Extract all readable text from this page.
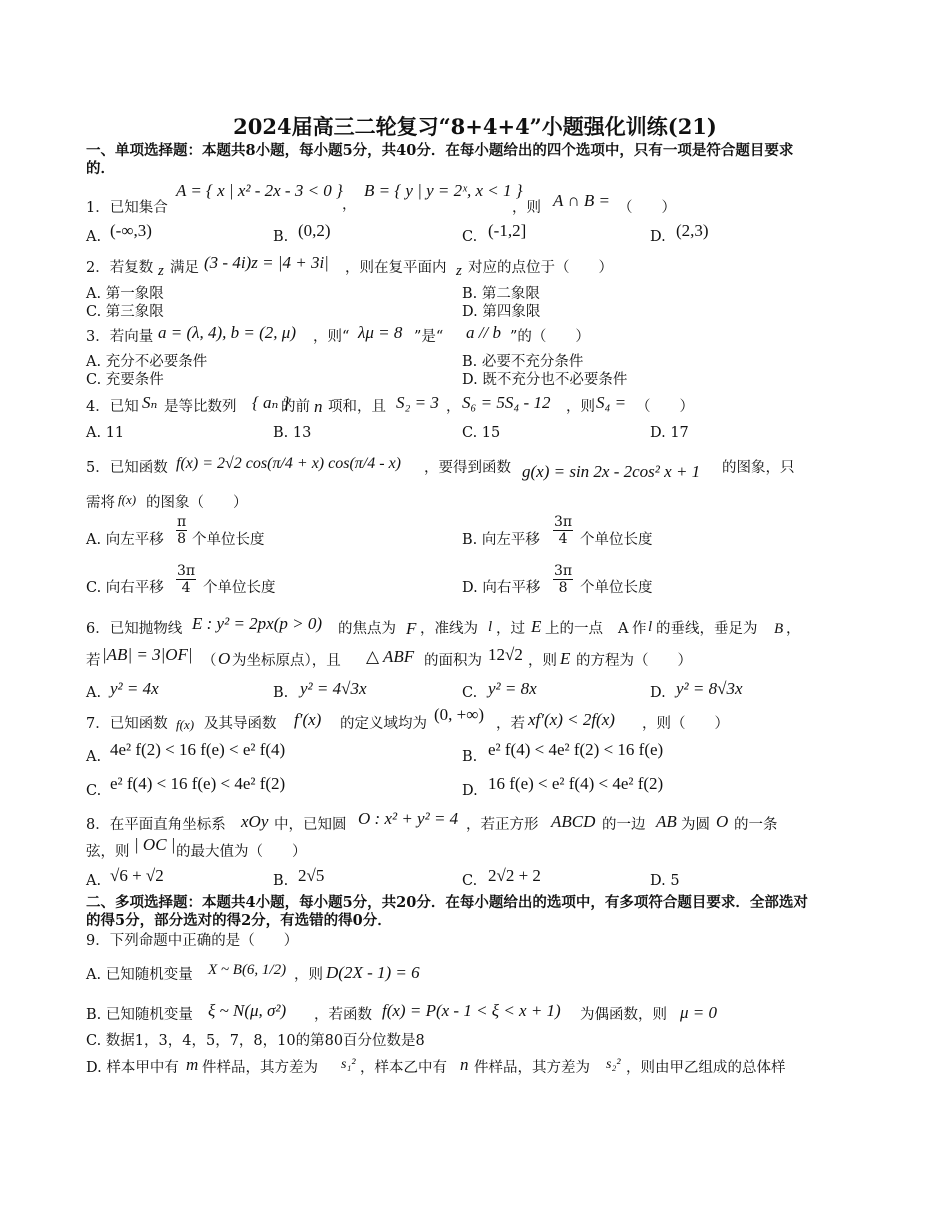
2024届高三二轮复习“8+4+4”小题强化训练(21)
一、单项选择题：本题共8小题，每小题5分，共40分．在每小题给出的四个选项中，只有一项是符合题目要求的．
1．已知集合
A = { x | x² - 2x - 3 < 0 }
，
B = { y | y = 2ˣ, x < 1 }
，则 A ∩ B = （　　）
A. (-∞,3)	B. (0,2)	C. (-1,2]	D. (2,3)
2．若复数 z 满足 (3 - 4i)z = |4 + 3i| ，则在复平面内 z 对应的点位于（　　）
A. 第一象限	B. 第二象限
C. 第三象限	D. 第四象限
3．若向量 a = (λ, 4), b = (2, μ) ，则“ λμ = 8 ”是“ a // b ”的（　　）
A. 充分不必要条件	B. 必要不充分条件
C. 充要条件	D. 既不充分也不必要条件
4．已知 Sₙ 是等比数列 { aₙ }
的前 n 项和，且 S₂ = 3 ， S₆ = 5S₄ - 12 ，则 S₄ = （　　）
A. 11	B. 13	C. 15	D. 17
5．已知函数 f(x) = 2√2 cos(π/4 + x) cos(π/4 - x) ，要得到函数 g(x) = sin 2x - 2cos² x + 1 的图象，只
需将 f(x) 的图象（　　）
A. 向左平移 $\frac{\pi}{8}$ 个单位长度	B. 向左平移 $\frac{3\pi}{4}$ 个单位长度
C. 向右平移 $\frac{3\pi}{4}$ 个单位长度	D. 向右平移 $\frac{3\pi}{8}$ 个单位长度
6．已知抛物线 E : y² = 2px(p > 0) 的焦点为 F ，准线为 l ，过 E 上的一点 A 作 l 的垂线，垂足为 B ，
若 |AB| = 3|OF| （ O 为坐标原点），且 △ ABF 的面积为 12√2 ，则 E 的方程为（　　）
A. y² = 4x	B. y² = 4√3x	C. y² = 8x	D. y² = 8√3x
7．已知函数 f(x) 及其导函数 f′(x) 的定义域均为 (0, +∞) ，若 xf′(x) < 2f(x) ，则（　　）
A. 4e² f(2) < 16 f(e) < e² f(4)	B. e² f(4) < 4e² f(2) < 16 f(e)
C. e² f(4) < 16 f(e) < 4e² f(2)	D. 16 f(e) < e² f(4) < 4e² f(2)
8．在平面直角坐标系 xOy 中，已知圆 O : x² + y² = 4 ，若正方形 ABCD 的一边 AB 为圆 O 的一条
弦，则 | OC | 的最大值为（　　）
A. √6 + √2	B. 2√5	C. 2√2 + 2	D. 5
二、多项选择题：本题共4小题，每小题5分，共20分．在每小题给出的选项中，有多项符合题目要求．全部选对的得5分，部分选对的得2分，有选错的得0分．
9．下列命题中正确的是（　　）
A. 已知随机变量 X ~ B(6, 1/2) ，则 D(2X - 1) = 6
B. 已知随机变量 ξ ~ N(μ, σ²) ，若函数 f(x) = P(x - 1 < ξ < x + 1) 为偶函数，则 μ = 0
C. 数据1，3，4，5，7，8，10的第80百分位数是8
D. 样本甲中有 m 件样品，其方差为 s₁² ，样本乙中有 n 件样品，其方差为 s₂² ，则由甲乙组成的总体样
